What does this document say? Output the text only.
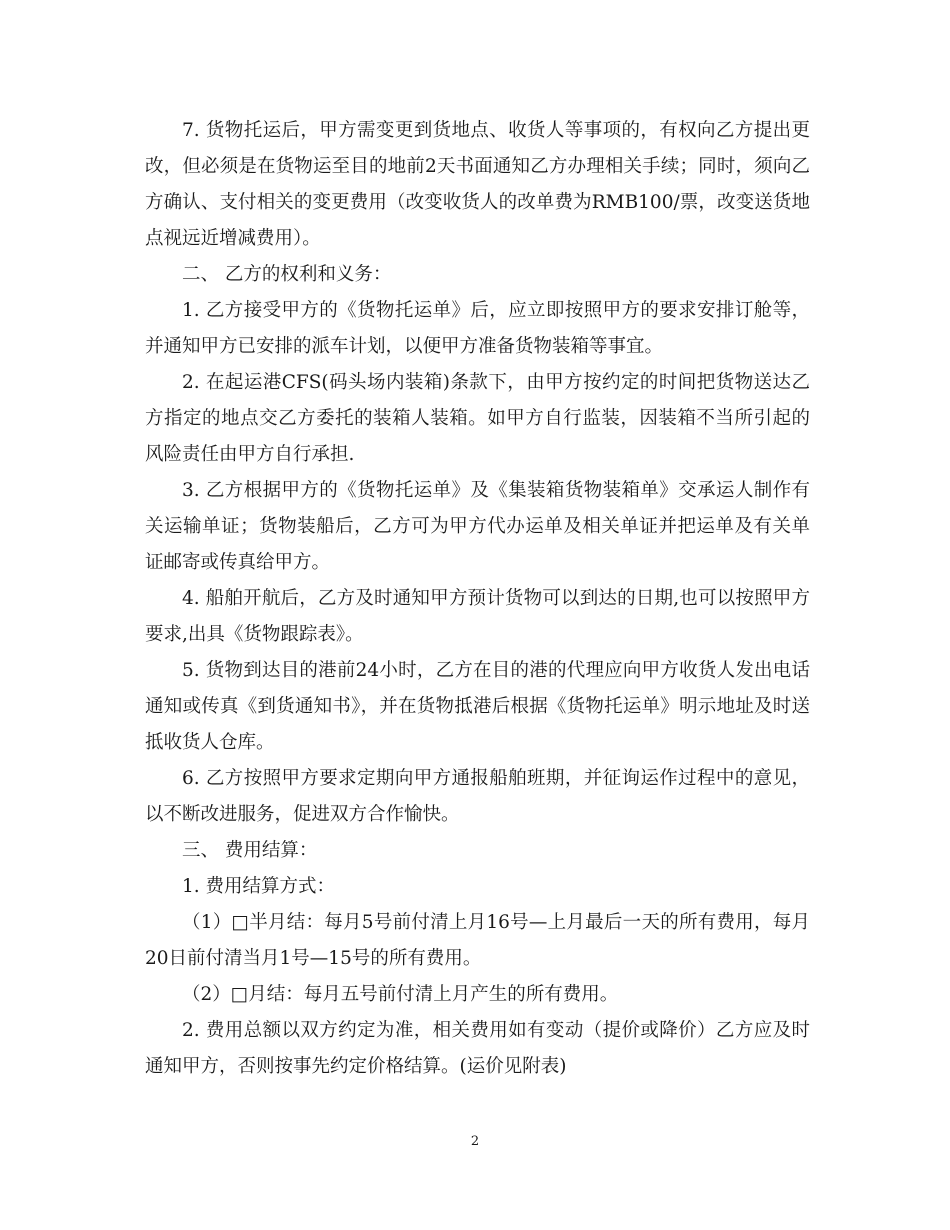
7. 货物托运后，甲方需变更到货地点、收货人等事项的，有权向乙方提出更改，但必须是在货物运至目的地前2天书面通知乙方办理相关手续；同时，须向乙方确认、支付相关的变更费用（改变收货人的改单费为RMB100/票，改变送货地点视远近增减费用）。

二、 乙方的权利和义务：

1. 乙方接受甲方的《货物托运单》后，应立即按照甲方的要求安排订舱等，并通知甲方已安排的派车计划，以便甲方准备货物装箱等事宜。

2. 在起运港CFS(码头场内装箱)条款下，由甲方按约定的时间把货物送达乙方指定的地点交乙方委托的装箱人装箱。如甲方自行监装，因装箱不当所引起的风险责任由甲方自行承担.

3. 乙方根据甲方的《货物托运单》及《集装箱货物装箱单》交承运人制作有关运输单证；货物装船后，乙方可为甲方代办运单及相关单证并把运单及有关单证邮寄或传真给甲方。

4. 船舶开航后，乙方及时通知甲方预计货物可以到达的日期,也可以按照甲方要求,出具《货物跟踪表》。

5. 货物到达目的港前24小时，乙方在目的港的代理应向甲方收货人发出电话通知或传真《到货通知书》，并在货物抵港后根据《货物托运单》明示地址及时送抵收货人仓库。

6. 乙方按照甲方要求定期向甲方通报船舶班期，并征询运作过程中的意见，以不断改进服务，促进双方合作愉快。

三、 费用结算：

1. 费用结算方式：

（1）□半月结：每月5号前付清上月16号—上月最后一天的所有费用，每月20日前付清当月1号—15号的所有费用。

（2）□月结：每月五号前付清上月产生的所有费用。

2. 费用总额以双方约定为准，相关费用如有变动（提价或降价）乙方应及时通知甲方，否则按事先约定价格结算。(运价见附表)

2
